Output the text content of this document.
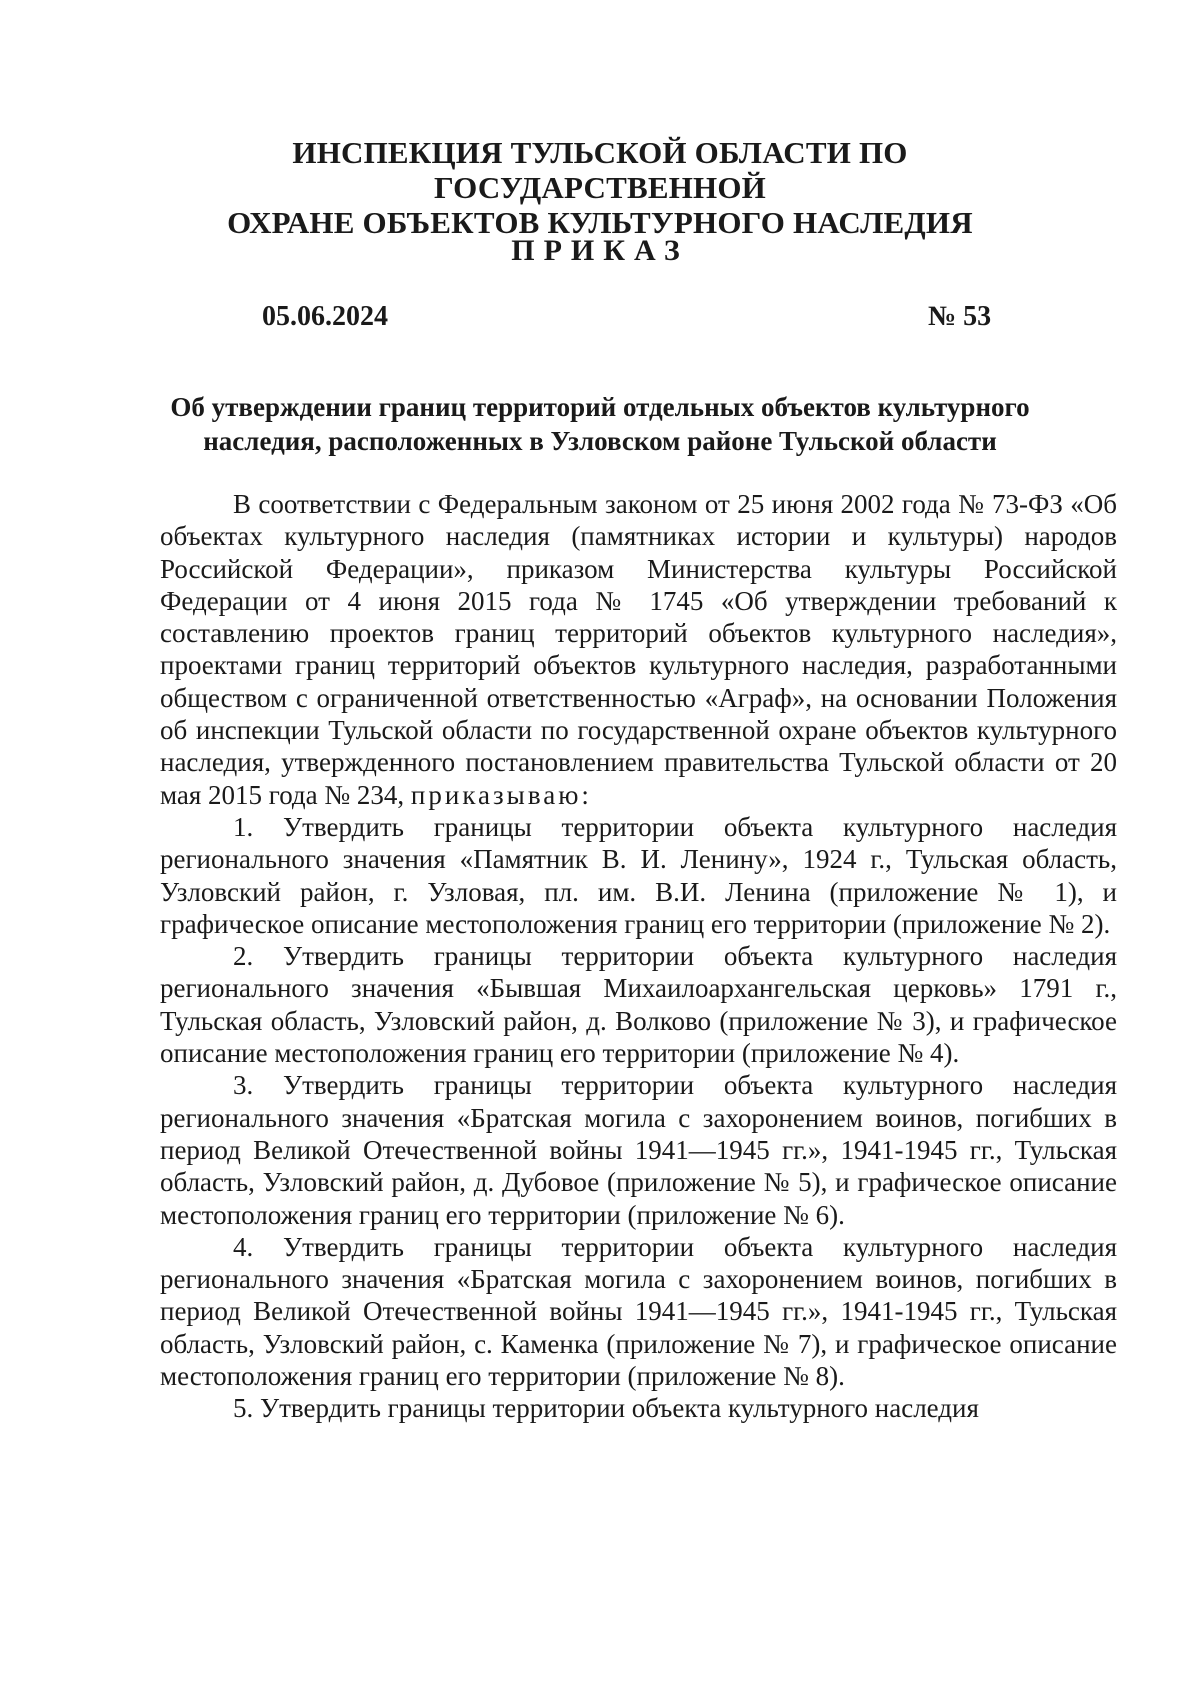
ИНСПЕКЦИЯ ТУЛЬСКОЙ ОБЛАСТИ ПО ГОСУДАРСТВЕННОЙ
ОХРАНЕ ОБЪЕКТОВ КУЛЬТУРНОГО НАСЛЕДИЯ
ПРИКАЗ
05.06.2024	№ 53
Об утверждении границ территорий отдельных объектов культурного
наследия, расположенных в Узловском районе Тульской области

В соответствии с Федеральным законом от 25 июня 2002 года № 73-ФЗ «Об объектах культурного наследия (памятниках истории и культуры) народов Российской Федерации», приказом Министерства культуры Российской Федерации от 4 июня 2015 года № 1745 «Об утверждении требований к составлению проектов границ территорий объектов культурного наследия», проектами границ территорий объектов культурного наследия, разработанными обществом с ограниченной ответственностью «Аграф», на основании Положения об инспекции Тульской области по государственной охране объектов культурного наследия, утвержденного постановлением правительства Тульской области от 20 мая 2015 года № 234, приказываю:

1. Утвердить границы территории объекта культурного наследия регионального значения «Памятник В. И. Ленину», 1924 г., Тульская область, Узловский район, г. Узловая, пл. им. В.И. Ленина (приложение № 1), и графическое описание местоположения границ его территории (приложение № 2).

2. Утвердить границы территории объекта культурного наследия регионального значения «Бывшая Михаилоархангельская церковь» 1791 г., Тульская область, Узловский район, д. Волково (приложение № 3), и графическое описание местоположения границ его территории (приложение № 4).

3. Утвердить границы территории объекта культурного наследия регионального значения «Братская могила с захоронением воинов, погибших в период Великой Отечественной войны 1941—1945 гг.», 1941-1945 гг., Тульская область, Узловский район, д. Дубовое (приложение № 5), и графическое описание местоположения границ его территории (приложение № 6).

4. Утвердить границы территории объекта культурного наследия регионального значения «Братская могила с захоронением воинов, погибших в период Великой Отечественной войны 1941—1945 гг.», 1941-1945 гг., Тульская область, Узловский район, с. Каменка (приложение № 7), и графическое описание местоположения границ его территории (приложение № 8).

5. Утвердить границы территории объекта культурного наследия
